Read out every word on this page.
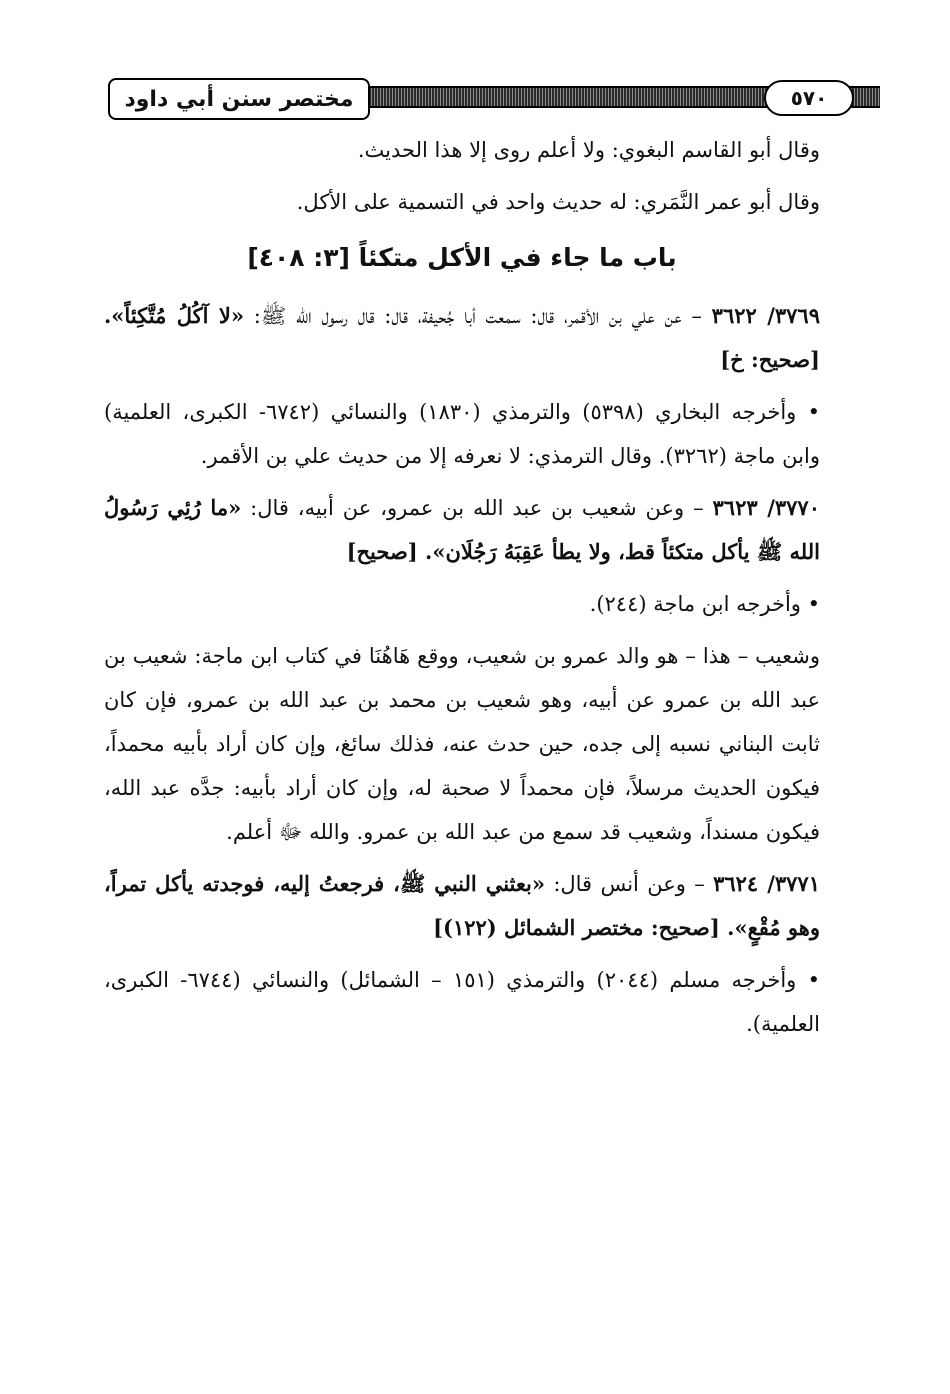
مختصر سنن أبي داود	٥٧٠

وقال أبو القاسم البغوي: ولا أعلم روى إلا هذا الحديث.

وقال أبو عمر النَّمَري: له حديث واحد في التسمية على الأكل.

باب ما جاء في الأكل متكئاً [٣: ٤٠٨]

٣٧٦٩/ ٣٦٢٢ – عن علي بن الأقمر، قال: سمعت أبا جُحيفة، قال: قال رسول الله ﷺ: «لا آكُلُ مُتَّكِئاً». [صحيح: خ]

• وأخرجه البخاري (٥٣٩٨) والترمذي (١٨٣٠) والنسائي (٦٧٤٢- الكبرى، العلمية) وابن ماجة (٣٢٦٢). وقال الترمذي: لا نعرفه إلا من حديث علي بن الأقمر.

٣٧٧٠/ ٣٦٢٣ – وعن شعيب بن عبد الله بن عمرو، عن أبيه، قال: «ما رُئِي رَسُولُ الله ﷺ يأكل متكئاً قط، ولا يطأ عَقِبَهُ رَجُلَان». [صحيح]

• وأخرجه ابن ماجة (٢٤٤).

وشعيب – هذا – هو والد عمرو بن شعيب، ووقع هَاهُنَا في كتاب ابن ماجة: شعيب بن عبد الله بن عمرو عن أبيه، وهو شعيب بن محمد بن عبد الله بن عمرو، فإن كان ثابت البناني نسبه إلى جده، حين حدث عنه، فذلك سائغ، وإن كان أراد بأبيه محمداً، فيكون الحديث مرسلاً، فإن محمداً لا صحبة له، وإن كان أراد بأبيه: جدَّه عبد الله، فيكون مسنداً، وشعيب قد سمع من عبد الله بن عمرو. والله ﷻ أعلم.

٣٧٧١/ ٣٦٢٤ – وعن أنس قال: «بعثني النبي ﷺ، فرجعتُ إليه، فوجدته يأكل تمراً، وهو مُقْعٍ». [صحيح: مختصر الشمائل (١٢٢)]

• وأخرجه مسلم (٢٠٤٤) والترمذي (١٥١ – الشمائل) والنسائي (٦٧٤٤- الكبرى، العلمية).
